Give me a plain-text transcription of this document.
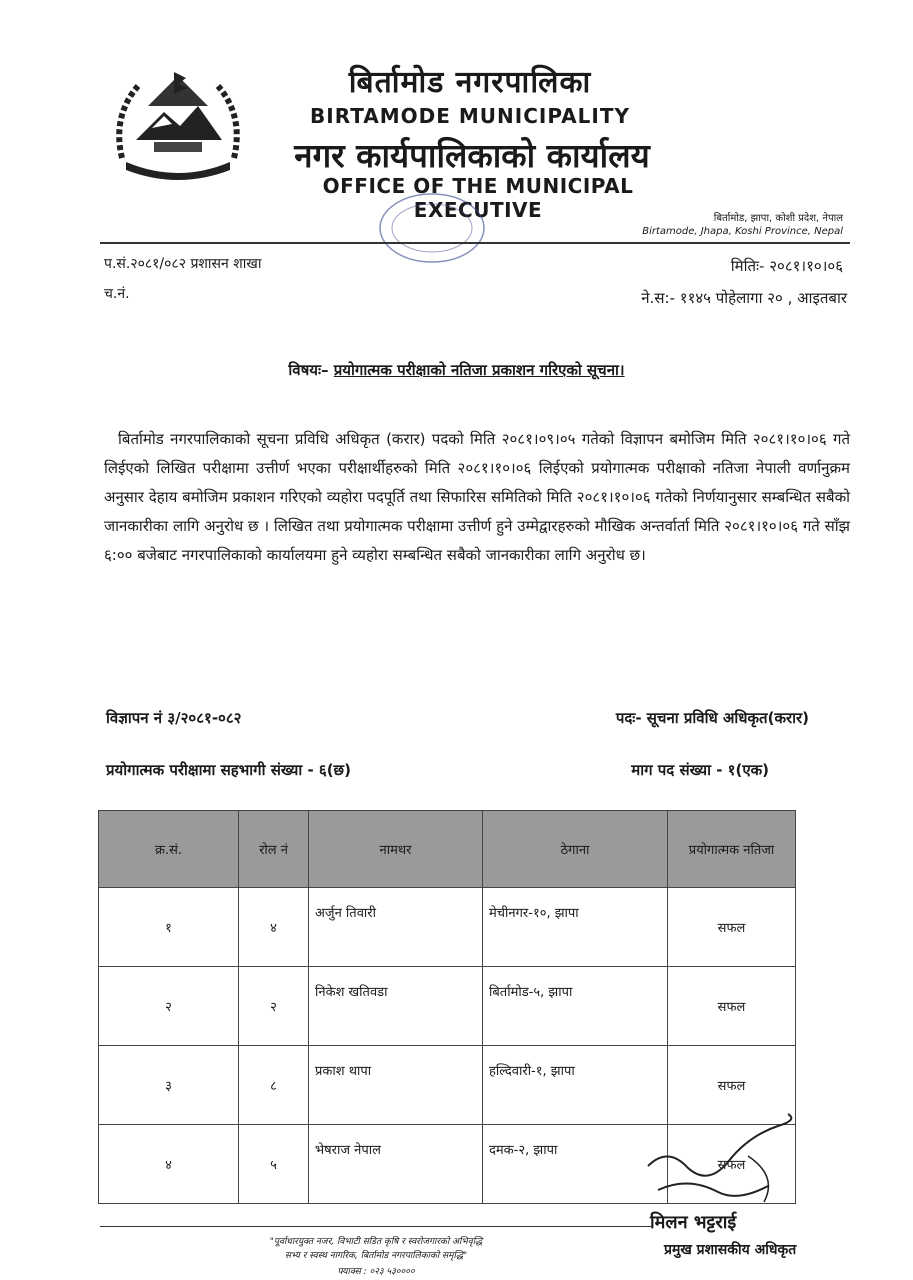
बिर्तामोड नगरपालिका
BIRTAMODE MUNICIPALITY
नगर कार्यपालिकाको कार्यालय
OFFICE OF THE MUNICIPAL EXECUTIVE	बिर्तामोड, झापा, कोशी प्रदेश, नेपाल
Birtamode, Jhapa, Koshi Province, Nepal
प.सं.२०८१/०८२ प्रशासन शाखा
च.नं.
मितिः- २०८१।१०।०६
ने.स:- ११४५ पोहेलागा २० , आइतबार
विषयः– प्रयोगात्मक परीक्षाको नतिजा प्रकाशन गरिएको सूचना।
बिर्तामोड नगरपालिकाको सूचना प्रविधि अधिकृत (करार) पदको मिति २०८१।०९।०५ गतेको विज्ञापन बमोजिम मिति २०८१।१०।०६ गते लिईएको लिखित परीक्षामा उत्तीर्ण भएका परीक्षार्थीहरुको मिति २०८१।१०।०६ लिईएको प्रयोगात्मक परीक्षाको नतिजा नेपाली वर्णानुक्रम अनुसार देहाय बमोजिम प्रकाशन गरिएको व्यहोरा पदपूर्ति तथा सिफारिस समितिको मिति २०८१।१०।०६ गतेको निर्णयानुसार सम्बन्धित सबैको जानकारीका लागि अनुरोध छ । लिखित तथा प्रयोगात्मक परीक्षामा उत्तीर्ण हुने उम्मेद्वारहरुको मौखिक अन्तर्वार्ता मिति २०८१।१०।०६ गते साँझ ६:०० बजेबाट नगरपालिकाको कार्यालयमा हुने व्यहोरा सम्बन्धित सबैको जानकारीका लागि अनुरोध छ।
विज्ञापन नं ३/२०८१-०८२	पदः- सूचना प्रविधि अधिकृत(करार)
प्रयोगात्मक परीक्षामा सहभागी संख्या - ६(छ)	माग पद संख्या - १(एक)
क्र.सं.	रोल नं	नामथर	ठेगाना	प्रयोगात्मक नतिजा
१	४	अर्जुन तिवारी	मेचीनगर-१०, झापा	सफल
२	२	निकेश खतिवडा	बिर्तामोड-५, झापा	सफल
३	८	प्रकाश थापा	हल्दिवारी-१, झापा	सफल
४	५	भेषराज नेपाल	दमक-२, झापा	सफल
मिलन भट्टराई
प्रमुख प्रशासकीय अधिकृत
"पूर्वाधारयुक्त नजर, विभाटी सडित कृषि र स्वरोजगारको अभिवृद्धि
सभ्य र स्वस्थ नागरिक, बिर्तामोड नगरपालिकाको समृद्धि"
फ्याक्स : ०२३ ५३००००
